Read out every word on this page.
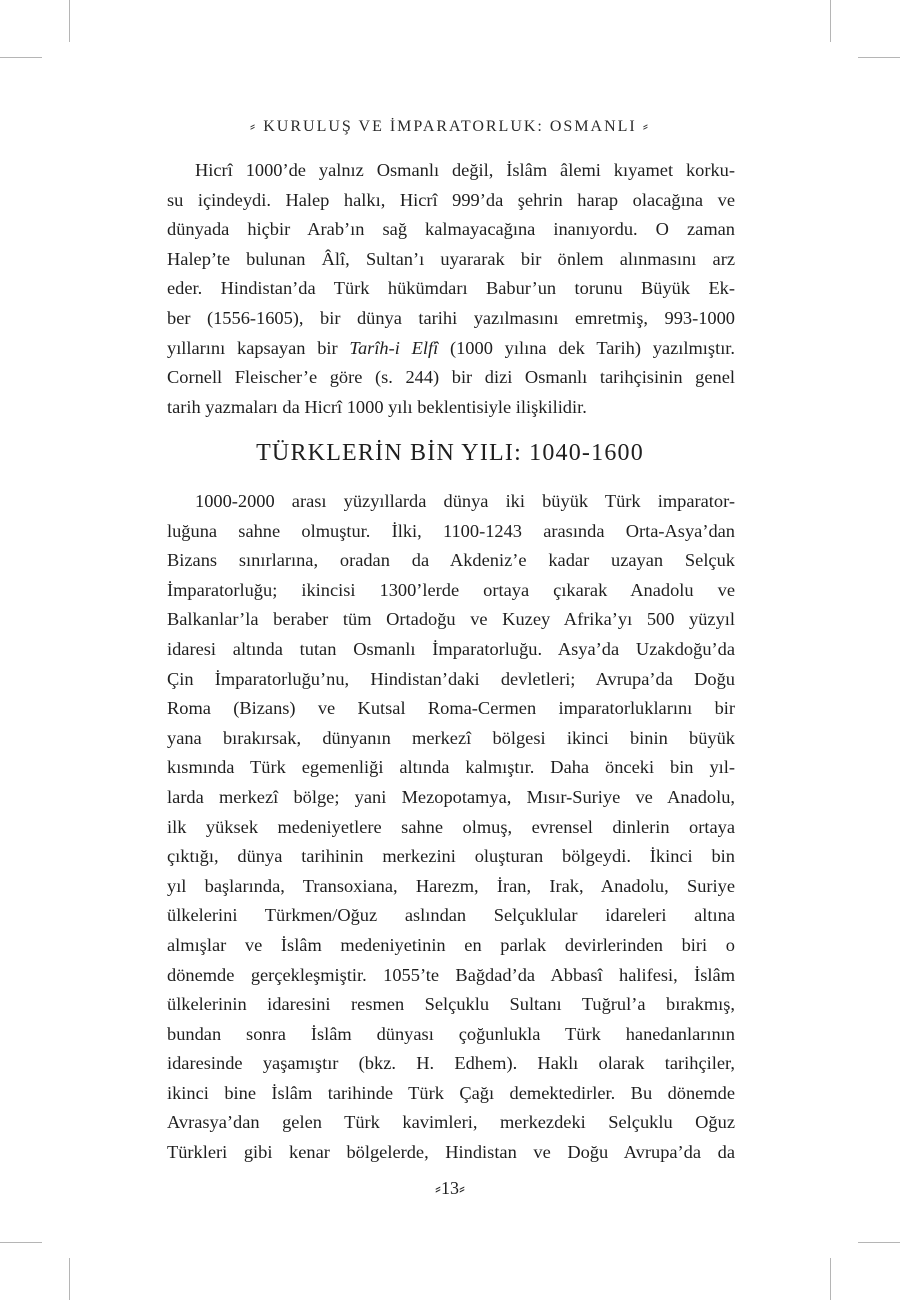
⸗ KURULUŞ VE İMPARATORLUK: OSMANLI ⸗

Hicrî 1000’de yalnız Osmanlı değil, İslâm âlemi kıyamet korku-
su içindeydi. Halep halkı, Hicrî 999’da şehrin harap olacağına ve
dünyada hiçbir Arab’ın sağ kalmayacağına inanıyordu. O zaman
Halep’te bulunan Âlî, Sultan’ı uyararak bir önlem alınmasını arz
eder. Hindistan’da Türk hükümdarı Babur’un torunu Büyük Ek-
ber (1556-1605), bir dünya tarihi yazılmasını emretmiş, 993-1000
yıllarını kapsayan bir Tarîh-i Elfî (1000 yılına dek Tarih) yazılmıştır.
Cornell Fleischer’e göre (s. 244) bir dizi Osmanlı tarihçisinin genel
tarih yazmaları da Hicrî 1000 yılı beklentisiyle ilişkilidir.

TÜRKLERİN BİN YILI: 1040-1600

1000-2000 arası yüzyıllarda dünya iki büyük Türk imparator-
luğuna sahne olmuştur. İlki, 1100-1243 arasında Orta-Asya’dan
Bizans sınırlarına, oradan da Akdeniz’e kadar uzayan Selçuk
İmparatorluğu; ikincisi 1300’lerde ortaya çıkarak Anadolu ve
Balkanlar’la beraber tüm Ortadoğu ve Kuzey Afrika’yı 500 yüzyıl
idaresi altında tutan Osmanlı İmparatorluğu. Asya’da Uzakdoğu’da
Çin İmparatorluğu’nu, Hindistan’daki devletleri; Avrupa’da Doğu
Roma (Bizans) ve Kutsal Roma-Cermen imparatorluklarını bir
yana bırakırsak, dünyanın merkezî bölgesi ikinci binin büyük
kısmında Türk egemenliği altında kalmıştır. Daha önceki bin yıl-
larda merkezî bölge; yani Mezopotamya, Mısır-Suriye ve Anadolu,
ilk yüksek medeniyetlere sahne olmuş, evrensel dinlerin ortaya
çıktığı, dünya tarihinin merkezini oluşturan bölgeydi. İkinci bin
yıl başlarında, Transoxiana, Harezm, İran, Irak, Anadolu, Suriye
ülkelerini Türkmen/Oğuz aslından Selçuklular idareleri altına
almışlar ve İslâm medeniyetinin en parlak devirlerinden biri o
dönemde gerçekleşmiştir. 1055’te Bağdad’da Abbasî halifesi, İslâm
ülkelerinin idaresini resmen Selçuklu Sultanı Tuğrul’a bırakmış,
bundan sonra İslâm dünyası çoğunlukla Türk hanedanlarının
idaresinde yaşamıştır (bkz. H. Edhem). Haklı olarak tarihçiler,
ikinci bine İslâm tarihinde Türk Çağı demektedirler. Bu dönemde
Avrasya’dan gelen Türk kavimleri, merkezdeki Selçuklu Oğuz
Türkleri gibi kenar bölgelerde, Hindistan ve Doğu Avrupa’da da

⸗13⸗
